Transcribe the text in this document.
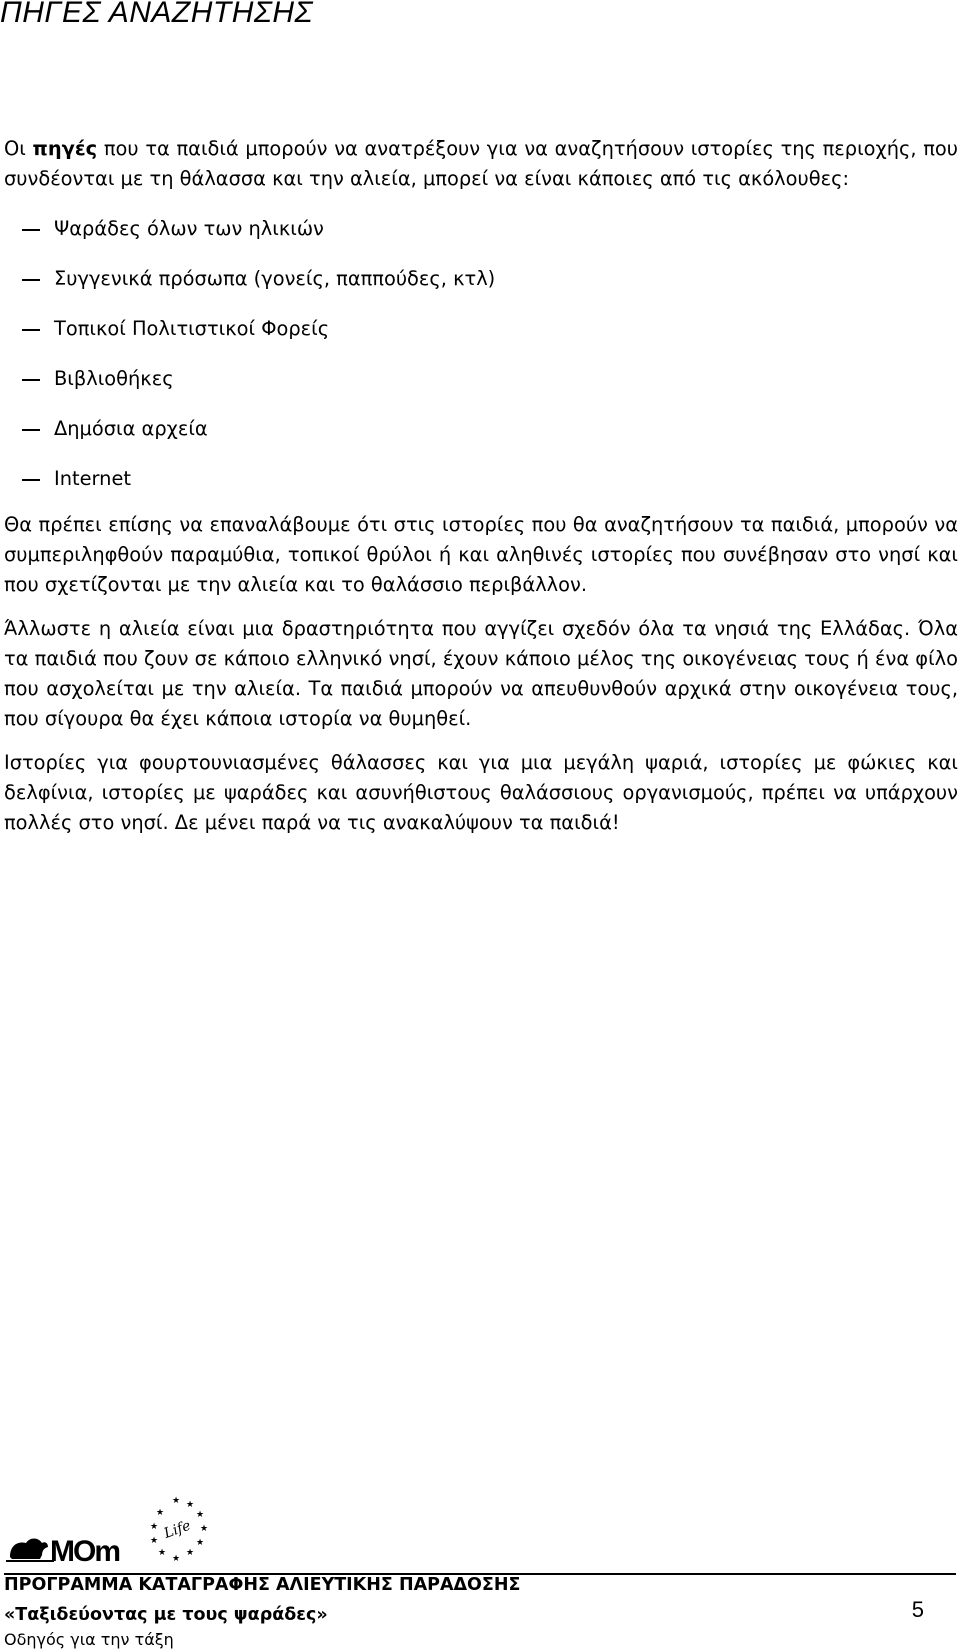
ΠΗΓΕΣ ΑΝΑΖΗΤΗΣΗΣ

Οι πηγές που τα παιδιά μπορούν να ανατρέξουν για να αναζητήσουν ιστορίες της περιοχής, που συνδέονται με τη θάλασσα και την αλιεία, μπορεί να είναι κάποιες από τις ακόλουθες:

Ψαράδες όλων των ηλικιών
Συγγενικά πρόσωπα (γονείς, παππούδες, κτλ)
Τοπικοί Πολιτιστικοί Φορείς
Βιβλιοθήκες
Δημόσια αρχεία
Internet

Θα πρέπει επίσης να επαναλάβουμε ότι στις ιστορίες που θα αναζητήσουν τα παιδιά, μπορούν να συμπεριληφθούν παραμύθια, τοπικοί θρύλοι ή και αληθινές ιστορίες που συνέβησαν στο νησί και που σχετίζονται με την αλιεία και το θαλάσσιο περιβάλλον.

Άλλωστε η αλιεία είναι μια δραστηριότητα που αγγίζει σχεδόν όλα τα νησιά της Ελλάδας. Όλα τα παιδιά που ζουν σε κάποιο ελληνικό νησί, έχουν κάποιο μέλος της οικογένειας τους ή ένα φίλο που ασχολείται με την αλιεία. Τα παιδιά μπορούν να απευθυνθούν αρχικά στην οικογένεια τους, που σίγουρα θα έχει κάποια ιστορία να θυμηθεί.

Ιστορίες για φουρτουνιασμένες θάλασσες και για μια μεγάλη ψαριά, ιστορίες με φώκιες και δελφίνια, ιστορίες με ψαράδες και ασυνήθιστους θαλάσσιους οργανισμούς, πρέπει να υπάρχουν πολλές στο νησί. Δε μένει παρά να τις ανακαλύψουν τα παιδιά!

MOm
★ ★
★
★
★
★
★
★
★
★
★
Life
ΠΡΟΓΡΑΜΜΑ ΚΑΤΑΓΡΑΦΗΣ ΑΛΙΕΥΤΙΚΗΣ ΠΑΡΑΔΟΣΗΣ
«Ταξιδεύοντας με τους ψαράδες»
Οδηγός για την τάξη
5
